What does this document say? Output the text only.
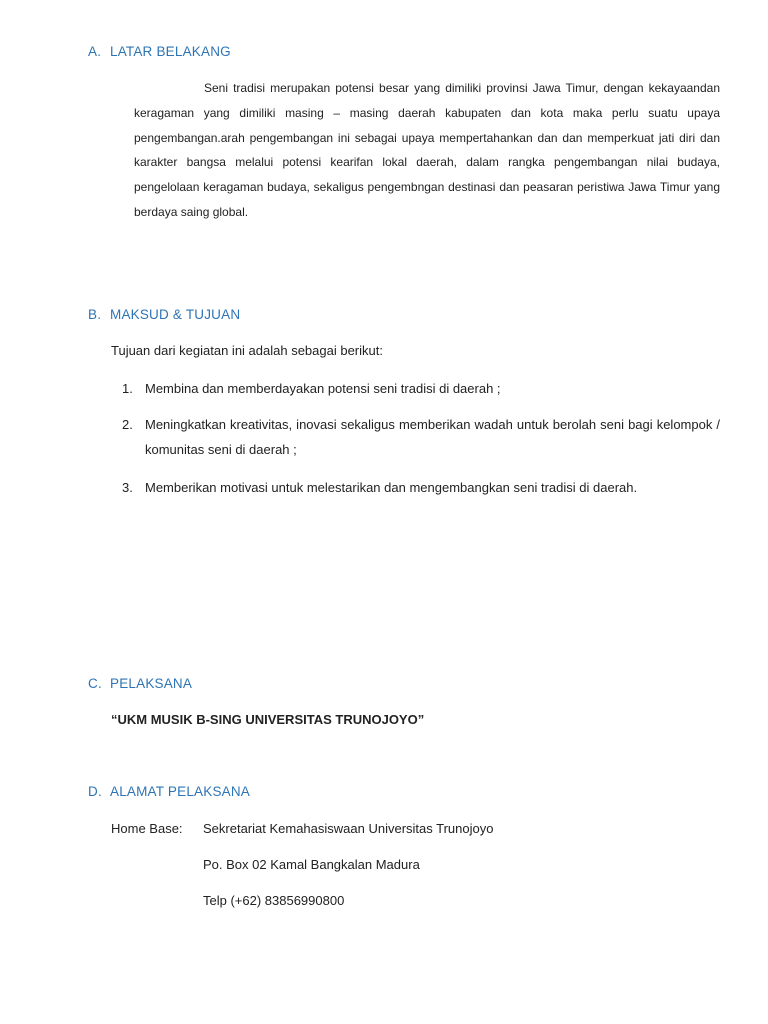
A. LATAR BELAKANG
Seni tradisi merupakan potensi besar yang dimiliki provinsi Jawa Timur, dengan kekayaandan keragaman yang dimiliki masing – masing daerah kabupaten dan kota maka perlu suatu upaya pengembangan.arah pengembangan ini sebagai upaya mempertahankan dan dan memperkuat jati diri dan karakter bangsa melalui potensi kearifan lokal daerah, dalam rangka pengembangan nilai budaya, pengelolaan keragaman budaya, sekaligus pengembngan destinasi dan peasaran peristiwa Jawa Timur yang berdaya saing global.
B. MAKSUD & TUJUAN
Tujuan dari kegiatan ini adalah sebagai berikut:
1. Membina dan memberdayakan potensi seni tradisi di daerah ;
2. Meningkatkan kreativitas, inovasi sekaligus memberikan wadah untuk berolah seni bagi kelompok / komunitas seni di daerah ;
3. Memberikan motivasi untuk melestarikan dan mengembangkan seni tradisi di daerah.
C. PELAKSANA
“UKM MUSIK B-SING UNIVERSITAS TRUNOJOYO”
D. ALAMAT PELAKSANA
Home Base: Sekretariat Kemahasiswaan Universitas Trunojoyo
Po. Box 02 Kamal Bangkalan Madura
Telp (+62) 83856990800
